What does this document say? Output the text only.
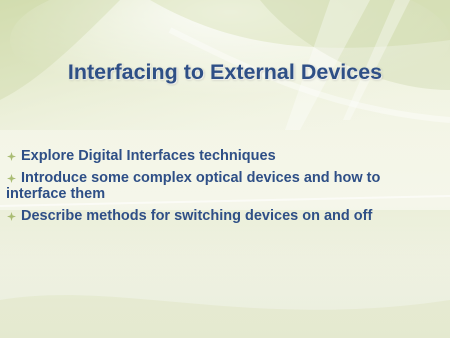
Interfacing to External Devices
Explore Digital Interfaces techniques
Introduce some complex optical devices and how to interface them
Describe methods for switching devices on and off
